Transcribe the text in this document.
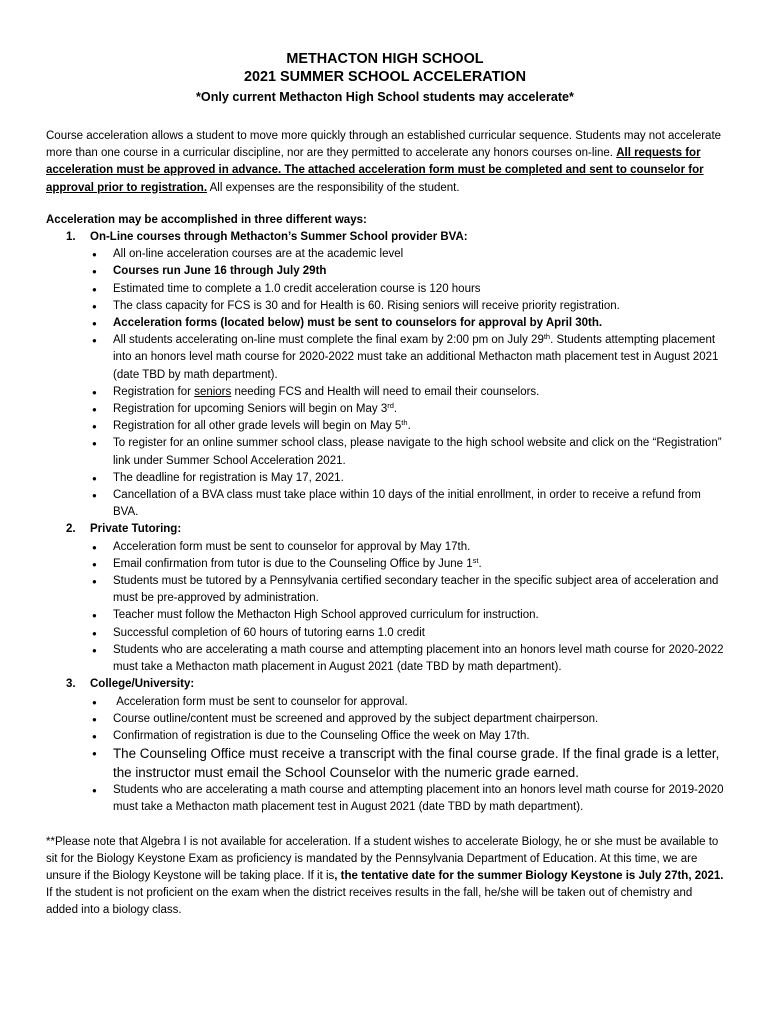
METHACTON HIGH SCHOOL
2021 SUMMER SCHOOL ACCELERATION
*Only current Methacton High School students may accelerate*

Course acceleration allows a student to move more quickly through an established curricular sequence. Students may not accelerate more than one course in a curricular discipline, nor are they permitted to accelerate any honors courses on-line. All requests for acceleration must be approved in advance. The attached acceleration form must be completed and sent to counselor for approval prior to registration. All expenses are the responsibility of the student.

Acceleration may be accomplished in three different ways:

1. On-Line courses through Methacton’s Summer School provider BVA:
● All on-line acceleration courses are at the academic level
● Courses run June 16 through July 29th
● Estimated time to complete a 1.0 credit acceleration course is 120 hours
● The class capacity for FCS is 30 and for Health is 60. Rising seniors will receive priority registration.
● Acceleration forms (located below) must be sent to counselors for approval by April 30th.
● All students accelerating on-line must complete the final exam by 2:00 pm on July 29th. Students attempting placement into an honors level math course for 2020-2022 must take an additional Methacton math placement test in August 2021 (date TBD by math department).
● Registration for seniors needing FCS and Health will need to email their counselors.
● Registration for upcoming Seniors will begin on May 3rd.
● Registration for all other grade levels will begin on May 5th.
● To register for an online summer school class, please navigate to the high school website and click on the “Registration” link under Summer School Acceleration 2021.
● The deadline for registration is May 17, 2021.
● Cancellation of a BVA class must take place within 10 days of the initial enrollment, in order to receive a refund from BVA.
2. Private Tutoring:
● Acceleration form must be sent to counselor for approval by May 17th.
● Email confirmation from tutor is due to the Counseling Office by June 1st.
● Students must be tutored by a Pennsylvania certified secondary teacher in the specific subject area of acceleration and must be pre-approved by administration.
● Teacher must follow the Methacton High School approved curriculum for instruction.
● Successful completion of 60 hours of tutoring earns 1.0 credit
● Students who are accelerating a math course and attempting placement into an honors level math course for 2020-2022 must take a Methacton math placement in August 2021 (date TBD by math department).
3. College/University:
●  Acceleration form must be sent to counselor for approval.
● Course outline/content must be screened and approved by the subject department chairperson.
● Confirmation of registration is due to the Counseling Office the week on May 17th.
● The Counseling Office must receive a transcript with the final course grade. If the final grade is a letter, the instructor must email the School Counselor with the numeric grade earned.
● Students who are accelerating a math course and attempting placement into an honors level math course for 2019-2020 must take a Methacton math placement test in August 2021 (date TBD by math department).

**Please note that Algebra I is not available for acceleration. If a student wishes to accelerate Biology, he or she must be available to sit for the Biology Keystone Exam as proficiency is mandated by the Pennsylvania Department of Education. At this time, we are unsure if the Biology Keystone will be taking place. If it is, the tentative date for the summer Biology Keystone is July 27th, 2021. If the student is not proficient on the exam when the district receives results in the fall, he/she will be taken out of chemistry and added into a biology class.
